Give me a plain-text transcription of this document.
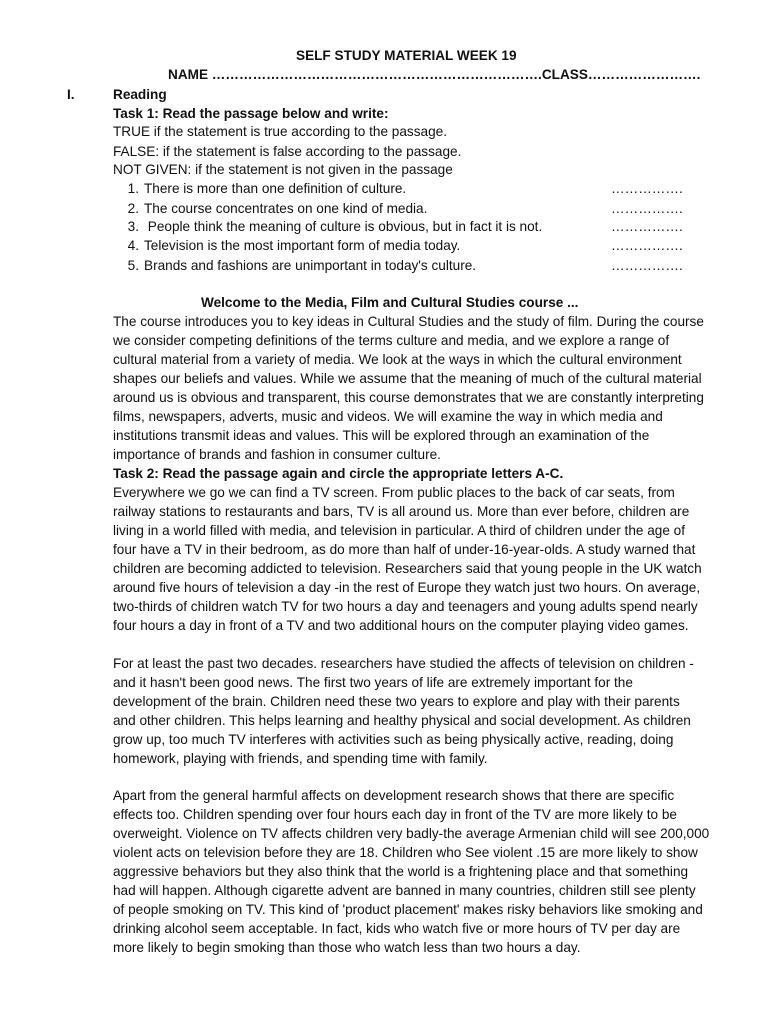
SELF STUDY MATERIAL WEEK 19
NAME ……………………………………………………………….CLASS…………………….
I.	Reading
Task 1: Read the passage below and write:
TRUE if the statement is true according to the passage.
FALSE: if the statement is false according to the passage.
NOT GIVEN: if the statement is not given in the passage
1. There is more than one definition of culture.	…………….
2. The course concentrates on one kind of media.	…………….
3. People think the meaning of culture is obvious, but in fact it is not.	…………….
4. Television is the most important form of media today.	…………….
5. Brands and fashions are unimportant in today's culture.	…………….
Welcome to the Media, Film and Cultural Studies course ...
The course introduces you to key ideas in Cultural Studies and the study of film. During the course
we consider competing definitions of the terms culture and media, and we explore a range of
cultural material from a variety of media. We look at the ways in which the cultural environment
shapes our beliefs and values. While we assume that the meaning of much of the cultural material
around us is obvious and transparent, this course demonstrates that we are constantly interpreting
films, newspapers, adverts, music and videos. We will examine the way in which media and
institutions transmit ideas and values. This will be explored through an examination of the
importance of brands and fashion in consumer culture.
Task 2: Read the passage again and circle the appropriate letters A-C.
Everywhere we go we can find a TV screen. From public places to the back of car seats, from
railway stations to restaurants and bars, TV is all around us. More than ever before, children are
living in a world filled with media, and television in particular. A third of children under the age of
four have a TV in their bedroom, as do more than half of under-16-year-olds. A study warned that
children are becoming addicted to television. Researchers said that young people in the UK watch
around five hours of television a day -in the rest of Europe they watch just two hours. On average,
two-thirds of children watch TV for two hours a day and teenagers and young adults spend nearly
four hours a day in front of a TV and two additional hours on the computer playing video games.
For at least the past two decades. researchers have studied the affects of television on children -
and it hasn't been good news. The first two years of life are extremely important for the
development of the brain. Children need these two years to explore and play with their parents
and other children. This helps learning and healthy physical and social development. As children
grow up, too much TV interferes with activities such as being physically active, reading, doing
homework, playing with friends, and spending time with family.
Apart from the general harmful affects on development research shows that there are specific
effects too. Children spending over four hours each day in front of the TV are more likely to be
overweight. Violence on TV affects children very badly-the average Armenian child will see 200,000
violent acts on television before they are 18. Children who See violent .15 are more likely to show
aggressive behaviors but they also think that the world is a frightening place and that something
had will happen. Although cigarette advent are banned in many countries, children still see plenty
of people smoking on TV. This kind of 'product placement' makes risky behaviors like smoking and
drinking alcohol seem acceptable. In fact, kids who watch five or more hours of TV per day are
more likely to begin smoking than those who watch less than two hours a day.
